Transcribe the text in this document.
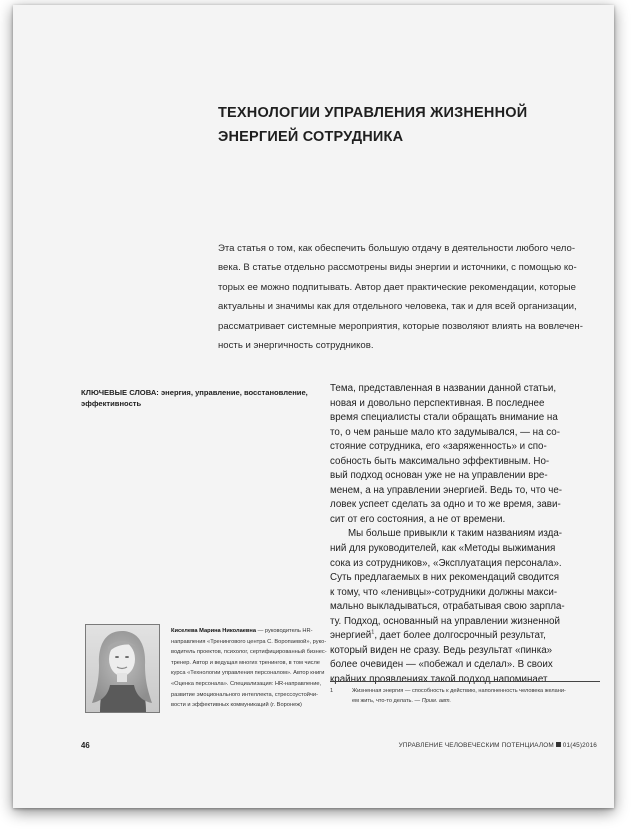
ТЕХНОЛОГИИ УПРАВЛЕНИЯ ЖИЗНЕННОЙ
ЭНЕРГИЕЙ СОТРУДНИКА
Эта статья о том, как обеспечить большую отдачу в деятельности любого чело-
века. В статье отдельно рассмотрены виды энергии и источники, с помощью ко-
торых ее можно подпитывать. Автор дает практические рекомендации, которые
актуальны и значимы как для отдельного человека, так и для всей организации,
рассматривает системные мероприятия, которые позволяют влиять на вовлечен-
ность и энергичность сотрудников.
КЛЮЧЕВЫЕ СЛОВА: энергия, управление, восстановление,
эффективность
Тема, представленная в названии данной статьи,
новая и довольно перспективная. В последнее
время специалисты стали обращать внимание на
то, о чем раньше мало кто задумывался, — на со-
стояние сотрудника, его «заряженность» и спо-
собность быть максимально эффективным. Но-
вый подход основан уже не на управлении вре-
менем, а на управлении энергией. Ведь то, что че-
ловек успеет сделать за одно и то же время, зави-
сит от его состояния, а не от времени.
Мы больше привыкли к таким названиям изда-
ний для руководителей, как «Методы выжимания
сока из сотрудников», «Эксплуатация персонала».
Суть предлагаемых в них рекомендаций сводится
к тому, что «ленивцы»-сотрудники должны макси-
мально выкладываться, отрабатывая свою зарпла-
ту. Подход, основанный на управлении жизненной
энергией$^1$, дает более долгосрочный результат,
который виден не сразу. Ведь результат «пинка»
более очевиден — «побежал и сделал». В своих
крайних проявлениях такой подход напоминает
Киселева Марина Николаевна — руководитель HR-
направления «Тренингового центра С. Воропаевой», руко-
водитель проектов, психолог, сертифицированный бизнес-
тренер. Автор и ведущая многих тренингов, в том числе
курса «Технологии управления персоналом». Автор книги
«Оценка персонала». Специализация: HR-направление,
развитие эмоционального интеллекта, стрессоустойчи-
вости и эффективных коммуникаций (г. Воронеж)
1	Жизненная энергия — способность к действию, наполненность человека желани-
ем жить, что-то делать. — Прим. авт.
46	УПРАВЛЕНИЕ ЧЕЛОВЕЧЕСКИМ ПОТЕНЦИАЛОМ 01(45)2016
